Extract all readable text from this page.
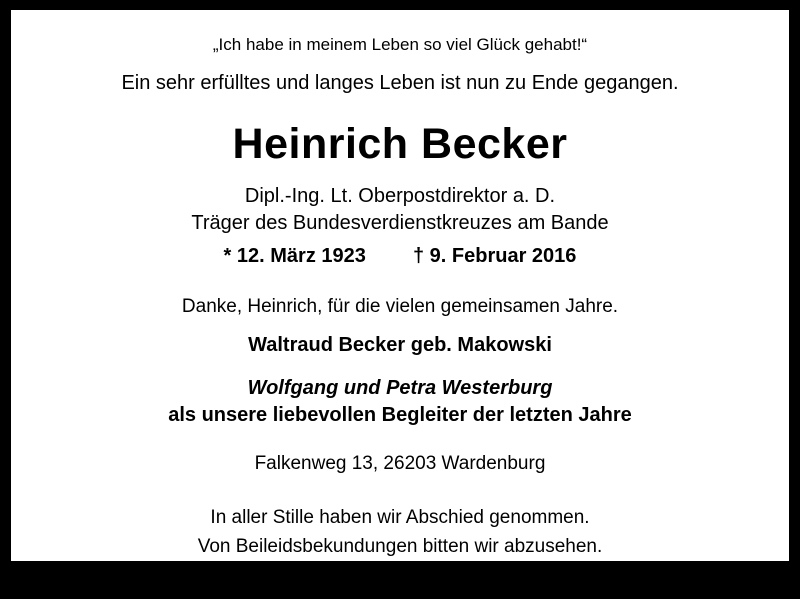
„Ich habe in meinem Leben so viel Glück gehabt!“
Ein sehr erfülltes und langes Leben ist nun zu Ende gegangen.
Heinrich Becker
Dipl.-Ing. Lt. Oberpostdirektor a. D.
Träger des Bundesverdienstkreuzes am Bande
* 12. März 1923 † 9. Februar 2016
Danke, Heinrich, für die vielen gemeinsamen Jahre.
Waltraud Becker geb. Makowski
Wolfgang und Petra Westerburg
als unsere liebevollen Begleiter der letzten Jahre
Falkenweg 13, 26203 Wardenburg
In aller Stille haben wir Abschied genommen.
Von Beileidsbekundungen bitten wir abzusehen.
Bestattungsinsitut Otto Osterthum, An den Voßbergen 73, 26133 Oldenburg
